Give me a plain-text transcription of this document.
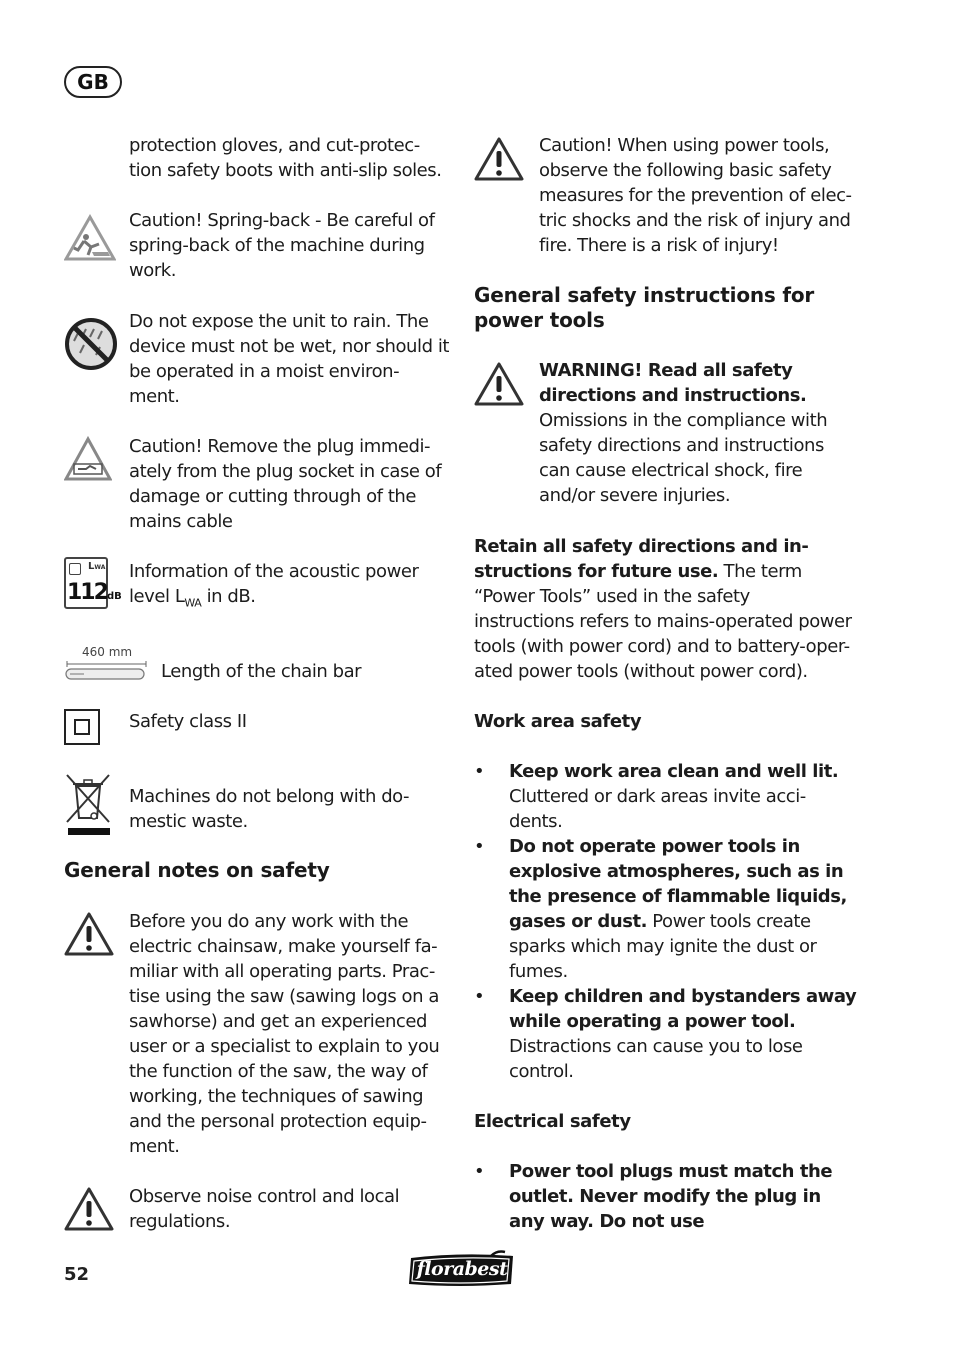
GB
protection gloves, and cut-protec-tion safety boots with anti-slip soles.
Caution! Spring-back - Be careful of spring-back of the machine during work.
Do not expose the unit to rain. The device must not be wet, nor should it be operated in a moist environ-ment.
Caution! Remove the plug immedi-ately from the plug socket in case of damage or cutting through of the mains cable
LWA
112dB
Information of the acoustic power level $L_{WA}$ in dB.
460 mm
Length of the chain bar
Safety class II
Machines do not belong with do-mestic waste.
General notes on safety
Before you do any work with the electric chainsaw, make yourself fa-miliar with all operating parts. Prac-tise using the saw (sawing logs on a sawhorse) and get an experienced user or a specialist to explain to you the function of the saw, the way of working, the techniques of sawing and the personal protection equip-ment.
Observe noise control and local regulations.
Caution! When using power tools, observe the following basic safety measures for the prevention of elec-tric shocks and the risk of injury and fire. There is a risk of injury!
General safety instructions for power tools
WARNING! Read all safety directions and instructions. Omissions in the compliance with safety directions and instructions can cause electrical shock, fire and/or severe injuries.
Retain all safety directions and in-structions for future use. The term “Power Tools” used in the safety instructions refers to mains-operated power tools (with power cord) and to battery-oper-ated power tools (without power cord).
Work area safety
• Keep work area clean and well lit. Cluttered or dark areas invite acci-dents.
• Do not operate power tools in explosive atmospheres, such as in the presence of flammable liquids, gases or dust. Power tools create sparks which may ignite the dust or fumes.
• Keep children and bystanders away while operating a power tool. Distractions can cause you to lose control.
Electrical safety
• Power tool plugs must match the outlet. Never modify the plug in any way. Do not use
52	florabest
